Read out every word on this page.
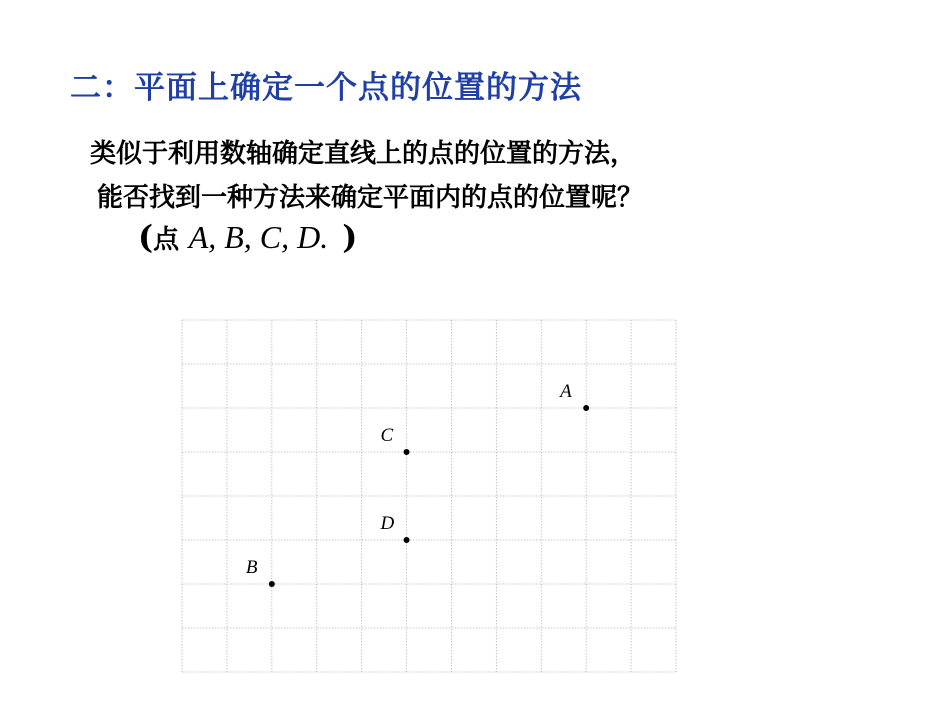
二：平面上确定一个点的位置的方法
类似于利用数轴确定直线上的点的位置的方法，
能否找到一种方法来确定平面内的点的位置呢？
(点 A, B, C, D. )
A
C
D
B
